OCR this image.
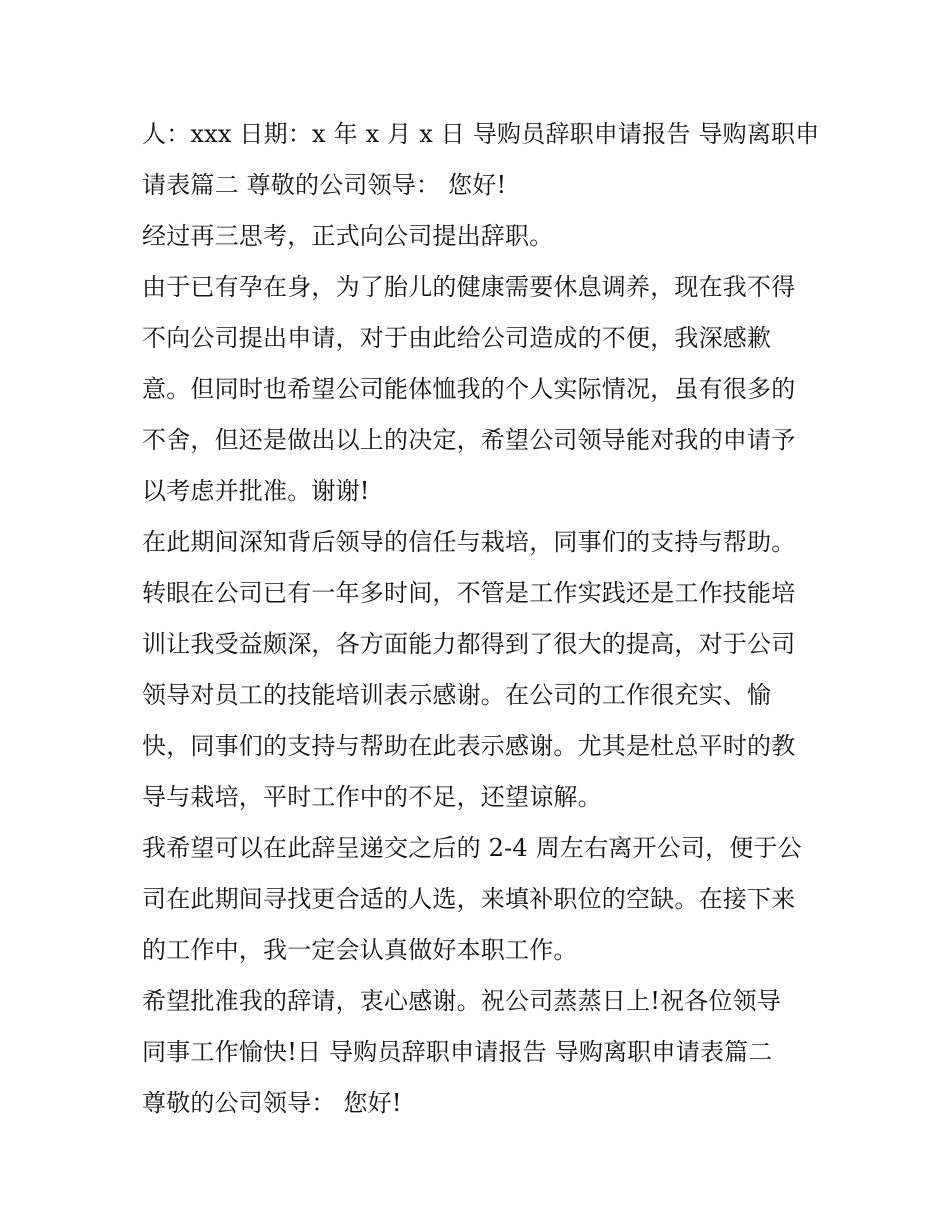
人：xxx 日期：x 年 x 月 x 日 导购员辞职申请报告 导购离职申
请表篇二 尊敬的公司领导： 您好!
经过再三思考，正式向公司提出辞职。
由于已有孕在身，为了胎儿的健康需要休息调养，现在我不得
不向公司提出申请，对于由此给公司造成的不便，我深感歉
意。但同时也希望公司能体恤我的个人实际情况，虽有很多的
不舍，但还是做出以上的决定，希望公司领导能对我的申请予
以考虑并批准。谢谢!
在此期间深知背后领导的信任与栽培，同事们的支持与帮助。
转眼在公司已有一年多时间，不管是工作实践还是工作技能培
训让我受益颇深，各方面能力都得到了很大的提高，对于公司
领导对员工的技能培训表示感谢。在公司的工作很充实、愉
快，同事们的支持与帮助在此表示感谢。尤其是杜总平时的教
导与栽培，平时工作中的不足，还望谅解。
我希望可以在此辞呈递交之后的 2-4 周左右离开公司，便于公
司在此期间寻找更合适的人选，来填补职位的空缺。在接下来
的工作中，我一定会认真做好本职工作。
希望批准我的辞请，衷心感谢。祝公司蒸蒸日上!祝各位领导
同事工作愉快!日 导购员辞职申请报告 导购离职申请表篇二
尊敬的公司领导： 您好!
